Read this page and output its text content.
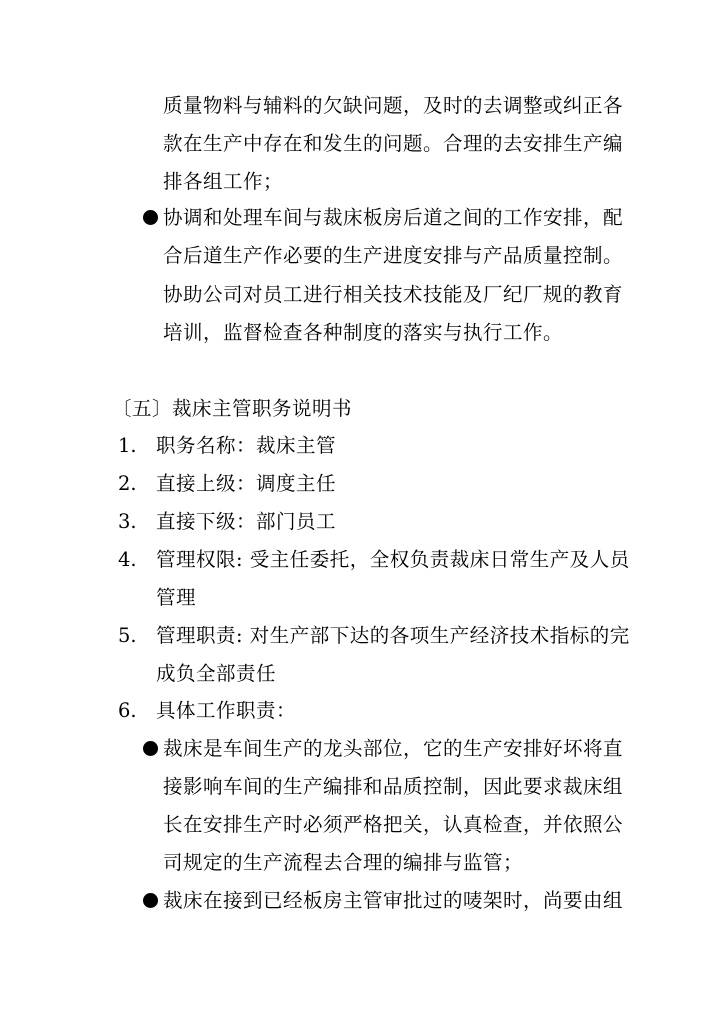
质量物料与辅料的欠缺问题，及时的去调整或纠正各
款在生产中存在和发生的问题。合理的去安排生产编
排各组工作；
协调和处理车间与裁床板房后道之间的工作安排，配
合后道生产作必要的生产进度安排与产品质量控制。
协助公司对员工进行相关技术技能及厂纪厂规的教育
培训，监督检查各种制度的落实与执行工作。
〔五〕裁床主管职务说明书
1. 职务名称：裁床主管
2. 直接上级：调度主任
3. 直接下级：部门员工
4. 管理权限: 受主任委托，全权负责裁床日常生产及人员
管理
5. 管理职责: 对生产部下达的各项生产经济技术指标的完
成负全部责任
6. 具体工作职责：
裁床是车间生产的龙头部位，它的生产安排好坏将直
接影响车间的生产编排和品质控制，因此要求裁床组
长在安排生产时必须严格把关，认真检查，并依照公
司规定的生产流程去合理的编排与监管；
裁床在接到已经板房主管审批过的唛架时，尚要由组
